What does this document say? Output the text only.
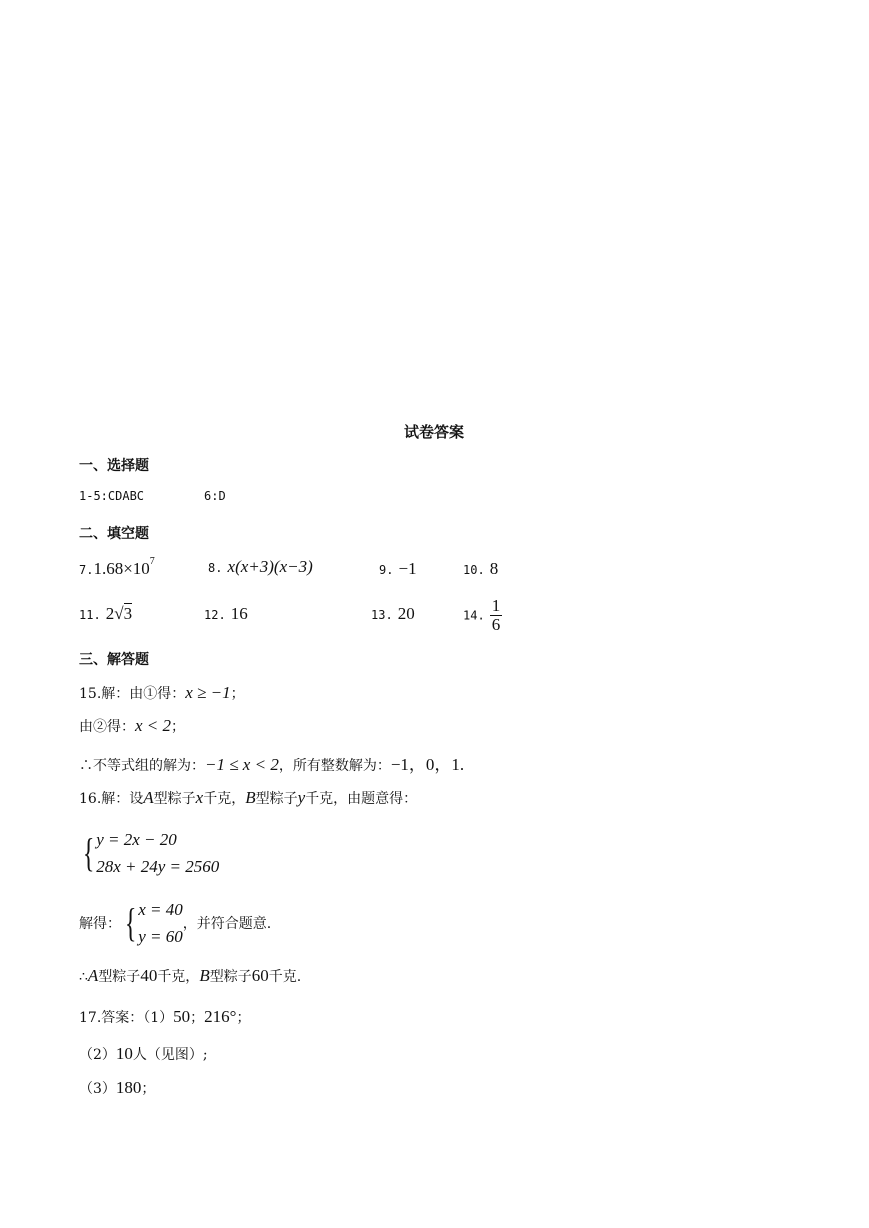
试卷答案
一、选择题
1-5:CDABC	6:D
二、填空题
$7.1.68\times 10^7$	8. x(x+3)(x−3)	9. −1	10. 8
11. 2√3	12. 16	13. 20	14. $\frac{1}{6}$
三、解答题
15.解：由①得：x ≥ −1；
由②得：x < 2；
∴不等式组的解为：−1 ≤ x < 2，所有整数解为：−1，0，1.
16.解：设A型粽子x千克，B型粽子y千克，由题意得：
{ y = 2x − 20
28x + 24y = 2560
解得： { x = 40
y = 60
，并符合题意.
∴A型粽子40千克，B型粽子60千克.
17.答案：（1）50；216°；
（2）10人（见图）;
（3）180；
